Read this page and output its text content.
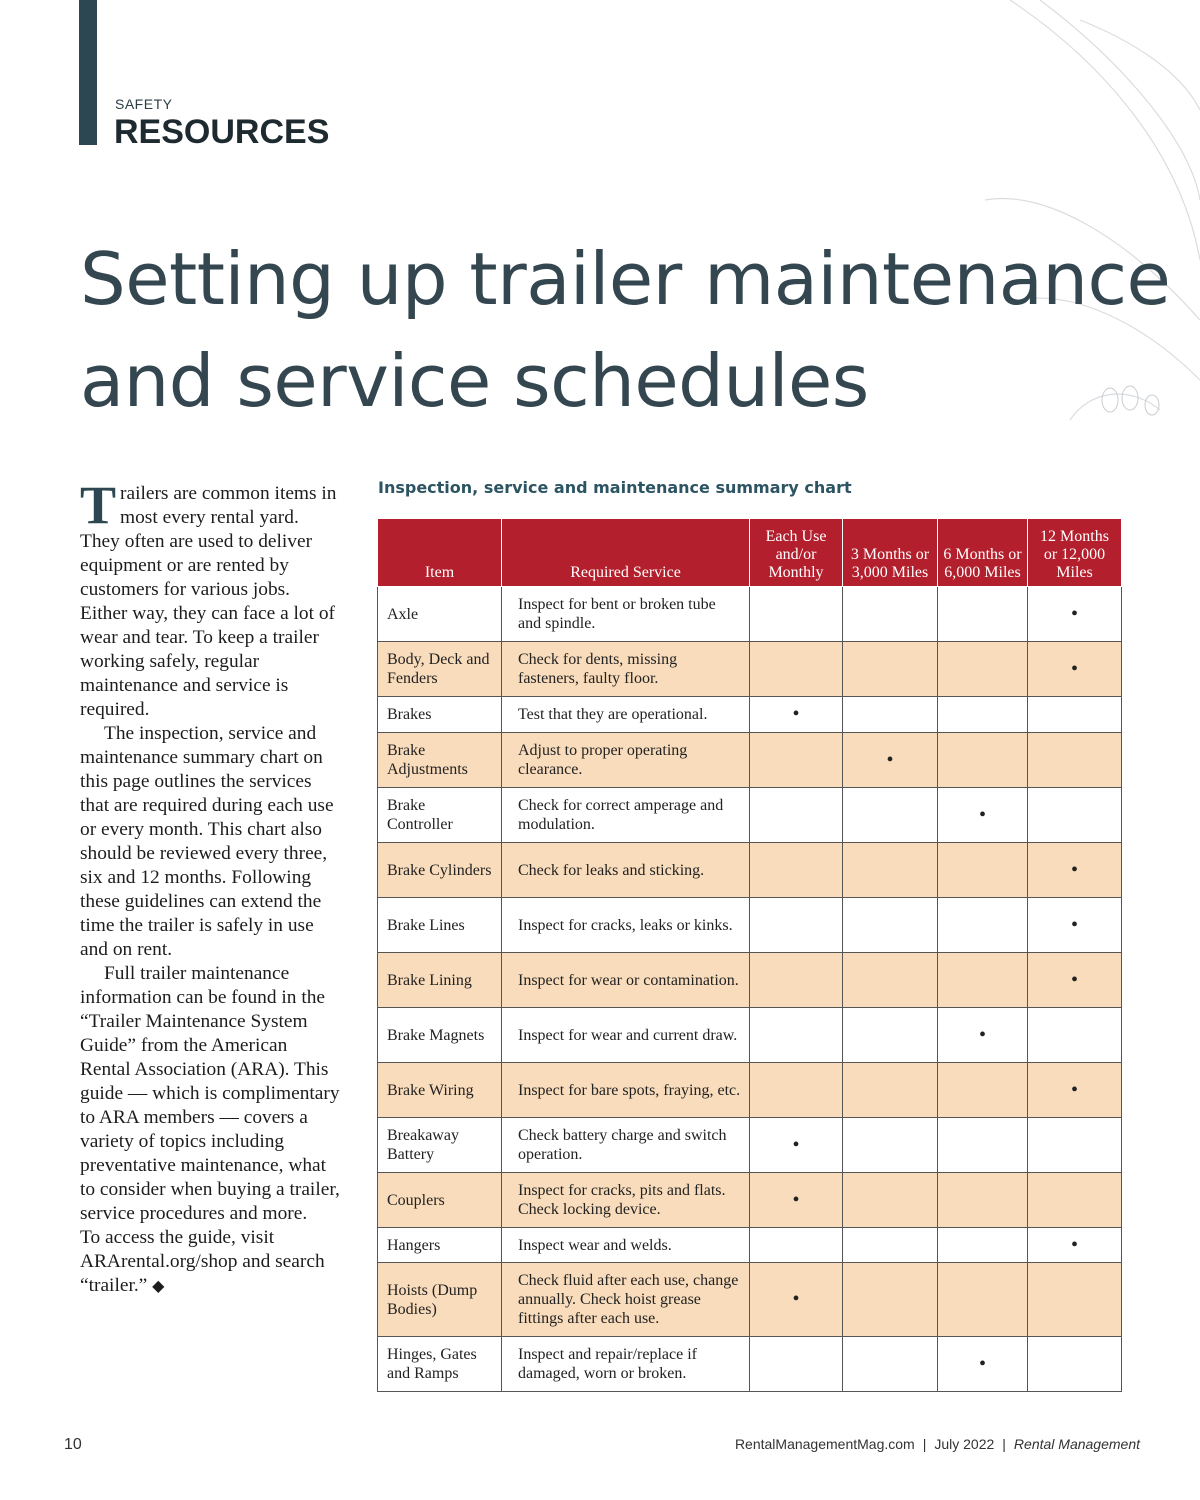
SAFETY
RESOURCES
Setting up trailer maintenance
and service schedules

Trailers are common items in most every rental yard. They often are used to deliver equipment or are rented by customers for various jobs. Either way, they can face a lot of wear and tear. To keep a trailer working safely, regular maintenance and service is required.

The inspection, service and maintenance summary chart on this page outlines the services that are required during each use or every month. This chart also should be reviewed every three, six and 12 months. Following these guidelines can extend the time the trailer is safely in use and on rent.

Full trailer maintenance information can be found in the “Trailer Maintenance System Guide” from the American Rental Association (ARA). This guide — which is complimentary to ARA members — covers a variety of topics including preventative maintenance, what to consider when buying a trailer, service procedures and more.

To access the guide, visit ARArental.org/shop and search “trailer.” ◆

Inspection, service and maintenance summary chart
Item	Required Service	Each Use and/or Monthly	3 Months or 3,000 Miles	6 Months or 6,000 Miles	12 Months or 12,000 Miles
Axle	Inspect for bent or broken tube and spindle.				•
Body, Deck and Fenders	Check for dents, missing fasteners, faulty floor.				•
Brakes	Test that they are operational.	•			
Brake Adjustments	Adjust to proper operating clearance.		•		
Brake Controller	Check for correct amperage and modulation.			•	
Brake Cylinders	Check for leaks and sticking.				•
Brake Lines	Inspect for cracks, leaks or kinks.				•
Brake Lining	Inspect for wear or contamination.				•
Brake Magnets	Inspect for wear and current draw.			•	
Brake Wiring	Inspect for bare spots, fraying, etc.				•
Breakaway Battery	Check battery charge and switch operation.	•			
Couplers	Inspect for cracks, pits and flats. Check locking device.	•			
Hangers	Inspect wear and welds.				•
Hoists (Dump Bodies)	Check fluid after each use, change annually. Check hoist grease fittings after each use.	•			
Hinges, Gates and Ramps	Inspect and repair/replace if damaged, worn or broken.			•	
10	RentalManagementMag.com | July 2022 | Rental Management
